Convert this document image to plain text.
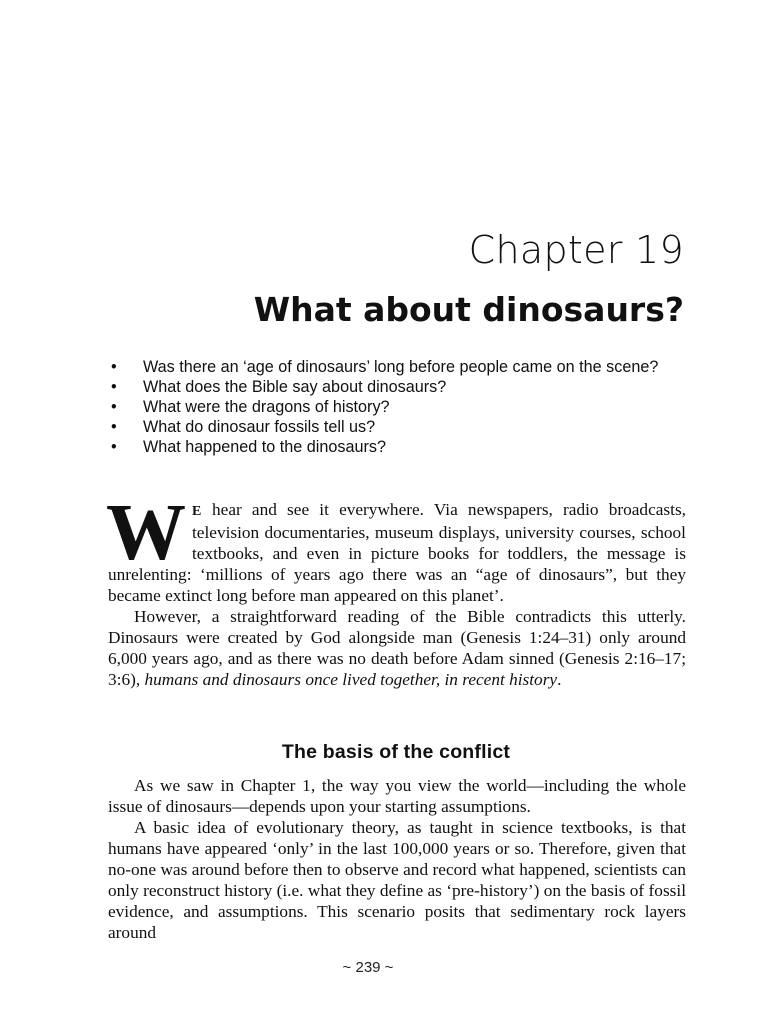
Chapter 19
What about dinosaurs?
• Was there an ‘age of dinosaurs’ long before people came on the scene?
• What does the Bible say about dinosaurs?
• What were the dragons of history?
• What do dinosaur fossils tell us?
• What happened to the dinosaurs?

W E hear and see it everywhere. Via newspapers, radio broadcasts, television documentaries, museum displays, university courses, school textbooks, and even in picture books for toddlers, the message is unrelenting: ‘millions of years ago there was an “age of dinosaurs”, but they became extinct long before man appeared on this planet’.

However, a straightforward reading of the Bible contradicts this utterly. Dinosaurs were created by God alongside man (Genesis 1:24–31) only around 6,000 years ago, and as there was no death before Adam sinned (Genesis 2:16–17; 3:6), humans and dinosaurs once lived together, in recent history.

The basis of the conflict

As we saw in Chapter 1, the way you view the world—including the whole issue of dinosaurs—depends upon your starting assumptions.

A basic idea of evolutionary theory, as taught in science textbooks, is that humans have appeared ‘only’ in the last 100,000 years or so. Therefore, given that no-one was around before then to observe and record what happened, scientists can only reconstruct history (i.e. what they define as ‘pre-history’) on the basis of fossil evidence, and assumptions. This scenario posits that sedimentary rock layers around

~ 239 ~
